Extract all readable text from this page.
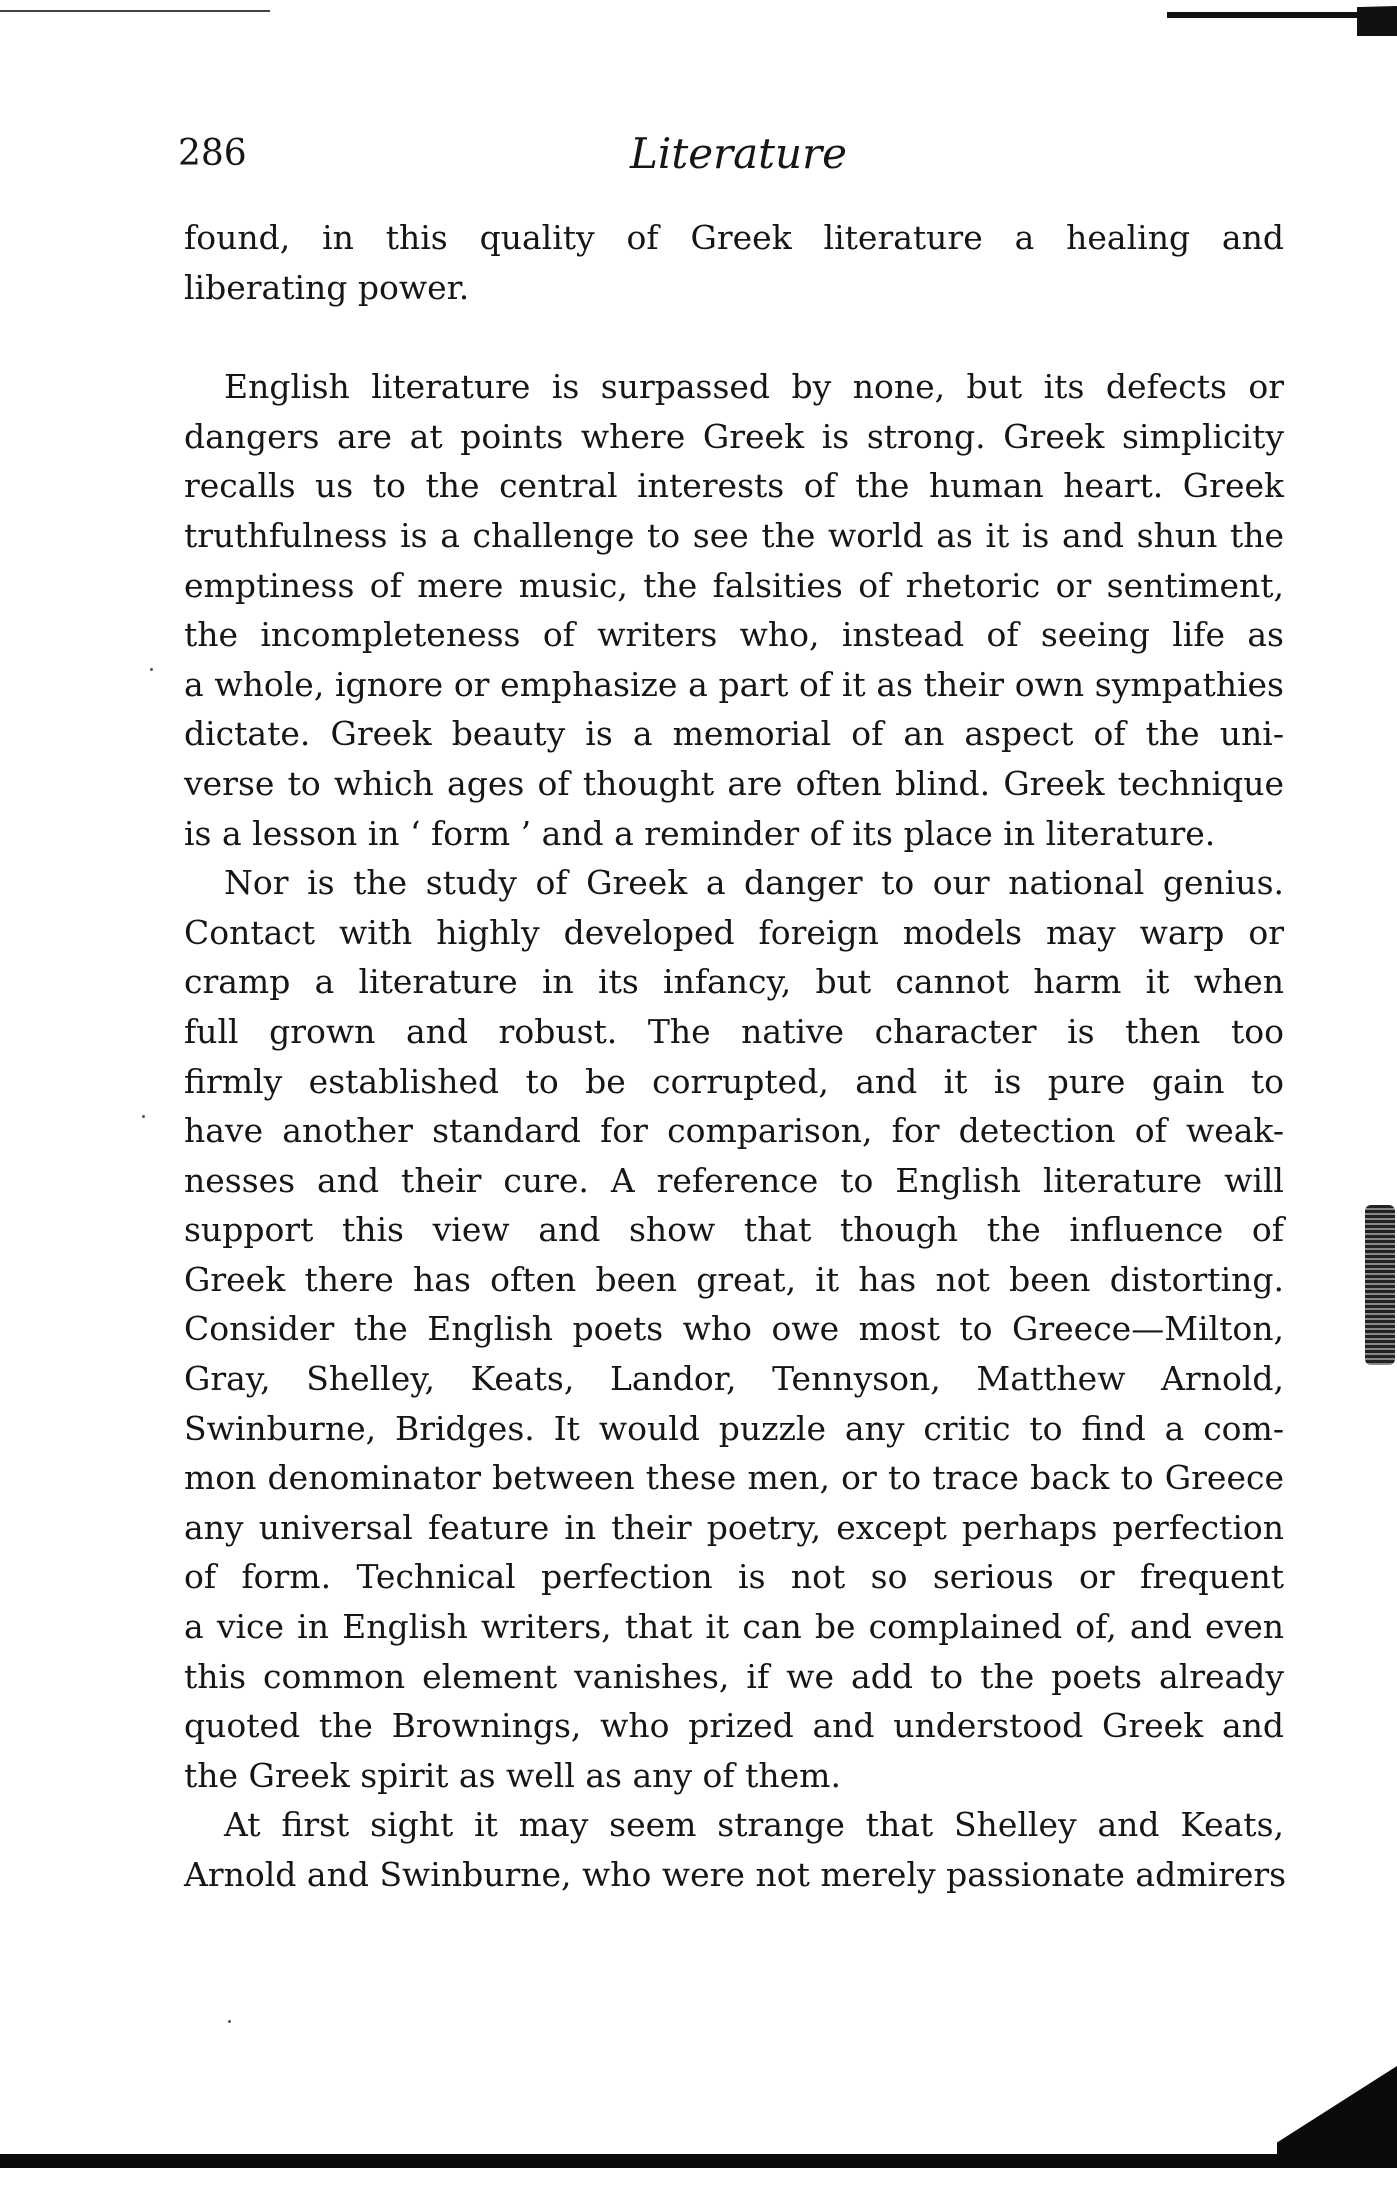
286	Literature
found, in this quality of Greek literature a healing and
liberating power.
English literature is surpassed by none, but its defects or
dangers are at points where Greek is strong. Greek simplicity
recalls us to the central interests of the human heart. Greek
truthfulness is a challenge to see the world as it is and shun the
emptiness of mere music, the falsities of rhetoric or sentiment,
the incompleteness of writers who, instead of seeing life as
a whole, ignore or emphasize a part of it as their own sympathies
dictate. Greek beauty is a memorial of an aspect of the uni-
verse to which ages of thought are often blind. Greek technique
is a lesson in ‘ form ’ and a reminder of its place in literature.
Nor is the study of Greek a danger to our national genius.
Contact with highly developed foreign models may warp or
cramp a literature in its infancy, but cannot harm it when
full grown and robust. The native character is then too
firmly established to be corrupted, and it is pure gain to
have another standard for comparison, for detection of weak-
nesses and their cure. A reference to English literature will
support this view and show that though the influence of
Greek there has often been great, it has not been distorting.
Consider the English poets who owe most to Greece—Milton,
Gray, Shelley, Keats, Landor, Tennyson, Matthew Arnold,
Swinburne, Bridges. It would puzzle any critic to find a com-
mon denominator between these men, or to trace back to Greece
any universal feature in their poetry, except perhaps perfection
of form. Technical perfection is not so serious or frequent
a vice in English writers, that it can be complained of, and even
this common element vanishes, if we add to the poets already
quoted the Brownings, who prized and understood Greek and
the Greek spirit as well as any of them.
At first sight it may seem strange that Shelley and Keats,
Arnold and Swinburne, who were not merely passionate admirers
